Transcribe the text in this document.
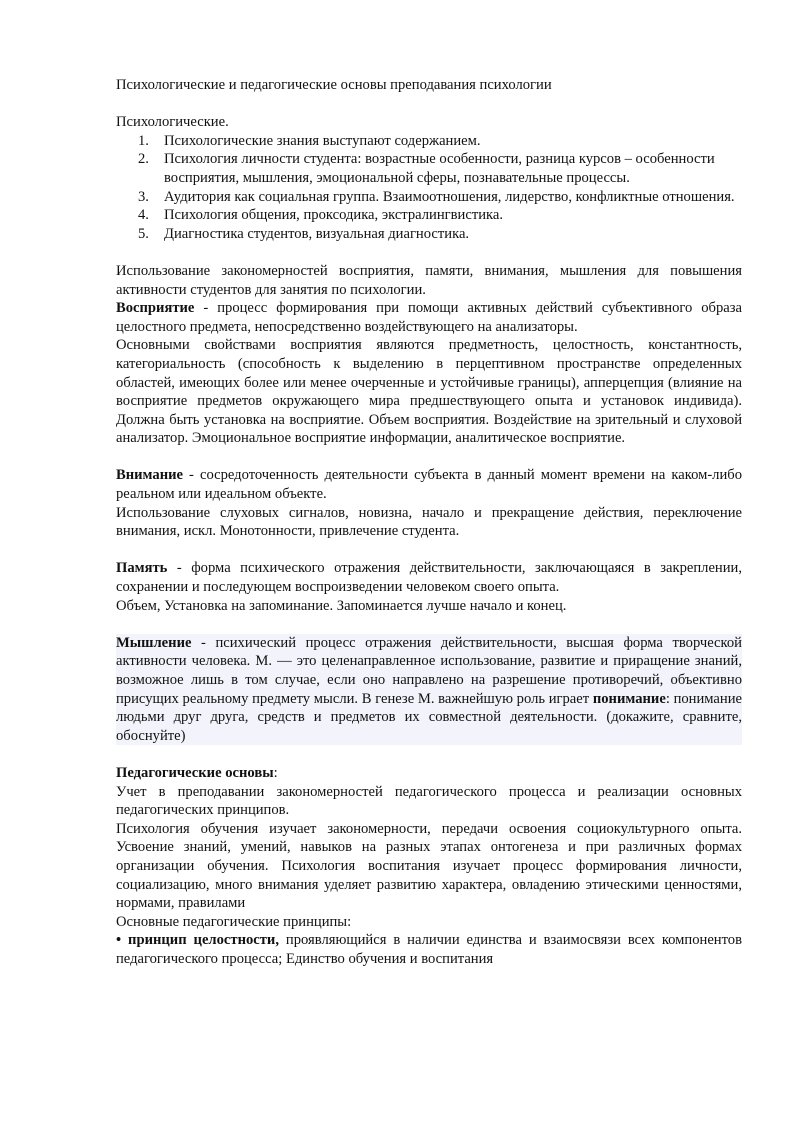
Психологические и педагогические основы преподавания психологии

Психологические.

1. Психологические знания выступают содержанием.
2. Психология личности студента: возрастные особенности, разница курсов – особенности восприятия, мышления, эмоциональной сферы, познавательные процессы.
3. Аудитория как социальная группа. Взаимоотношения, лидерство, конфликтные отношения.
4. Психология общения, проксодика, экстралингвистика.
5. Диагностика студентов, визуальная диагностика.

Использование закономерностей восприятия, памяти, внимания, мышления для повышения активности студентов для занятия по психологии.

Восприятие - процесс формирования при помощи активных действий субъективного образа целостного предмета, непосредственно воздействующего на анализаторы.

Основными свойствами восприятия являются предметность, целостность, константность, категориальность (способность к выделению в перцептивном пространстве определенных областей, имеющих более или менее очерченные и устойчивые границы), апперцепция (влияние на восприятие предметов окружающего мира предшествующего опыта и установок индивида). Должна быть установка на восприятие. Объем восприятия. Воздействие на зрительный и слуховой анализатор. Эмоциональное восприятие информации, аналитическое восприятие.

Внимание - сосредоточенность деятельности субъекта в данный момент времени на каком-либо реальном или идеальном объекте.

Использование слуховых сигналов, новизна, начало и прекращение действия, переключение внимания, искл. Монотонности, привлечение студента.

Память - форма психического отражения действительности, заключающаяся в закреплении, сохранении и последующем воспроизведении человеком своего опыта.

Объем, Установка на запоминание. Запоминается лучше начало и конец.

Мышление - психический процесс отражения действительности, высшая форма творческой активности человека. М. — это целенаправленное использование, развитие и приращение знаний, возможное лишь в том случае, если оно направлено на разрешение противоречий, объективно присущих реальному предмету мысли. В генезе М. важнейшую роль играет понимание: понимание людьми друг друга, средств и предметов их совместной деятельности. (докажите, сравните, обоснуйте)

Педагогические основы:

Учет в преподавании закономерностей педагогического процесса и реализации основных педагогических принципов.

Психология обучения изучает закономерности, передачи освоения социокультурного опыта. Усвоение знаний, умений, навыков на разных этапах онтогенеза и при различных формах организации обучения. Психология воспитания изучает процесс формирования личности, социализацию, много внимания уделяет развитию характера, овладению этическими ценностями, нормами, правилами

Основные педагогические принципы:

• принцип целостности, проявляющийся в наличии единства и взаимосвязи всех компонентов педагогического процесса; Единство обучения и воспитания
